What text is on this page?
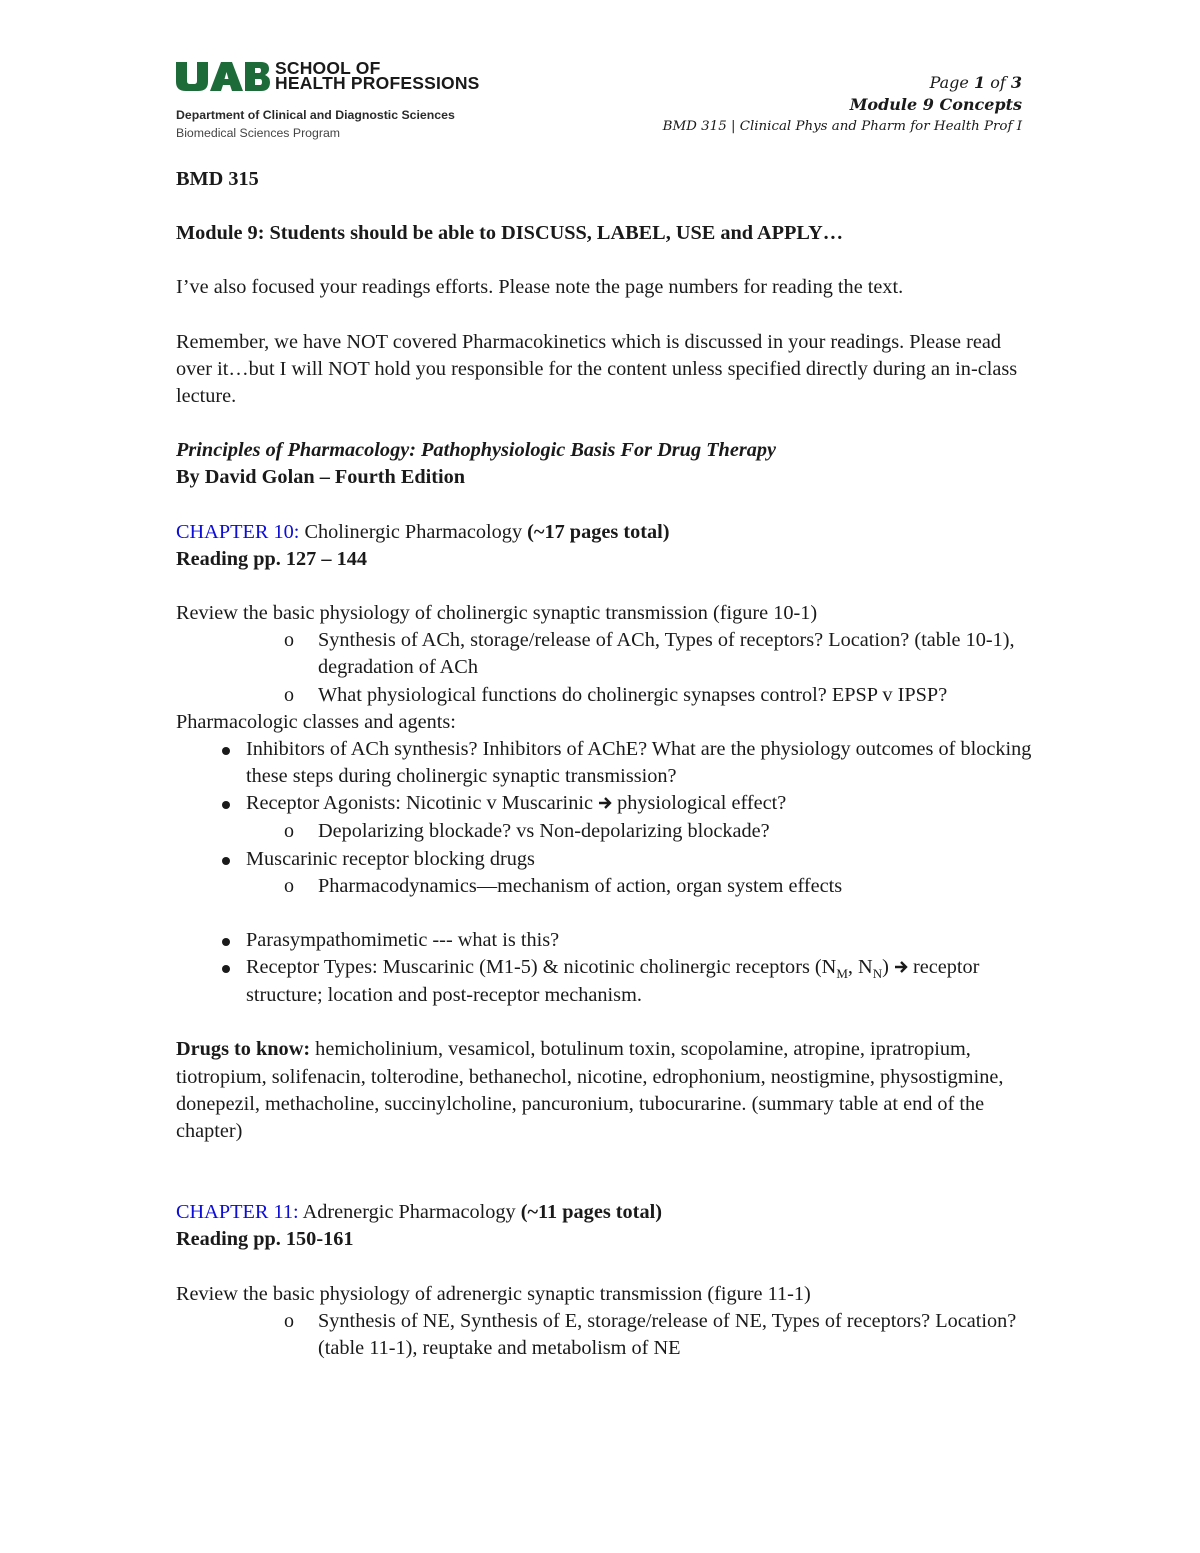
SCHOOL OF
HEALTH PROFESSIONS
Department of Clinical and Diagnostic Sciences
Biomedical Sciences Program
Page 1 of 3
Module 9 Concepts
BMD 315 | Clinical Phys and Pharm for Health Prof I

BMD 315

Module 9: Students should be able to DISCUSS, LABEL, USE and APPLY…

I’ve also focused your readings efforts. Please note the page numbers for reading the text.

Remember, we have NOT covered Pharmacokinetics which is discussed in your readings. Please read over it…but I will NOT hold you responsible for the content unless specified directly during an in-class lecture.

Principles of Pharmacology: Pathophysiologic Basis For Drug Therapy

By David Golan – Fourth Edition

CHAPTER 10: Cholinergic Pharmacology (~17 pages total)

Reading pp. 127 – 144

Review the basic physiology of cholinergic synaptic transmission (figure 10-1)

o Synthesis of ACh, storage/release of ACh, Types of receptors? Location? (table 10-1), degradation of ACh
o What physiological functions do cholinergic synapses control? EPSP v IPSP?

Pharmacologic classes and agents:

Inhibitors of ACh synthesis? Inhibitors of AChE? What are the physiology outcomes of blocking these steps during cholinergic synaptic transmission?
Receptor Agonists: Nicotinic v Muscarinic  physiological effect?
o Depolarizing blockade? vs Non-depolarizing blockade?
Muscarinic receptor blocking drugs
o Pharmacodynamics—mechanism of action, organ system effects
Parasympathomimetic --- what is this?
Receptor Types: Muscarinic (M1-5) & nicotinic cholinergic receptors ($N_M$, $N_N$)  receptor structure; location and post-receptor mechanism.

Drugs to know: hemicholinium, vesamicol, botulinum toxin, scopolamine, atropine, ipratropium, tiotropium, solifenacin, tolterodine, bethanechol, nicotine, edrophonium, neostigmine, physostigmine, donepezil, methacholine, succinylcholine, pancuronium, tubocurarine. (summary table at end of the chapter)

CHAPTER 11: Adrenergic Pharmacology (~11 pages total)

Reading pp. 150-161

Review the basic physiology of adrenergic synaptic transmission (figure 11-1)

o Synthesis of NE, Synthesis of E, storage/release of NE, Types of receptors? Location? (table 11-1), reuptake and metabolism of NE
